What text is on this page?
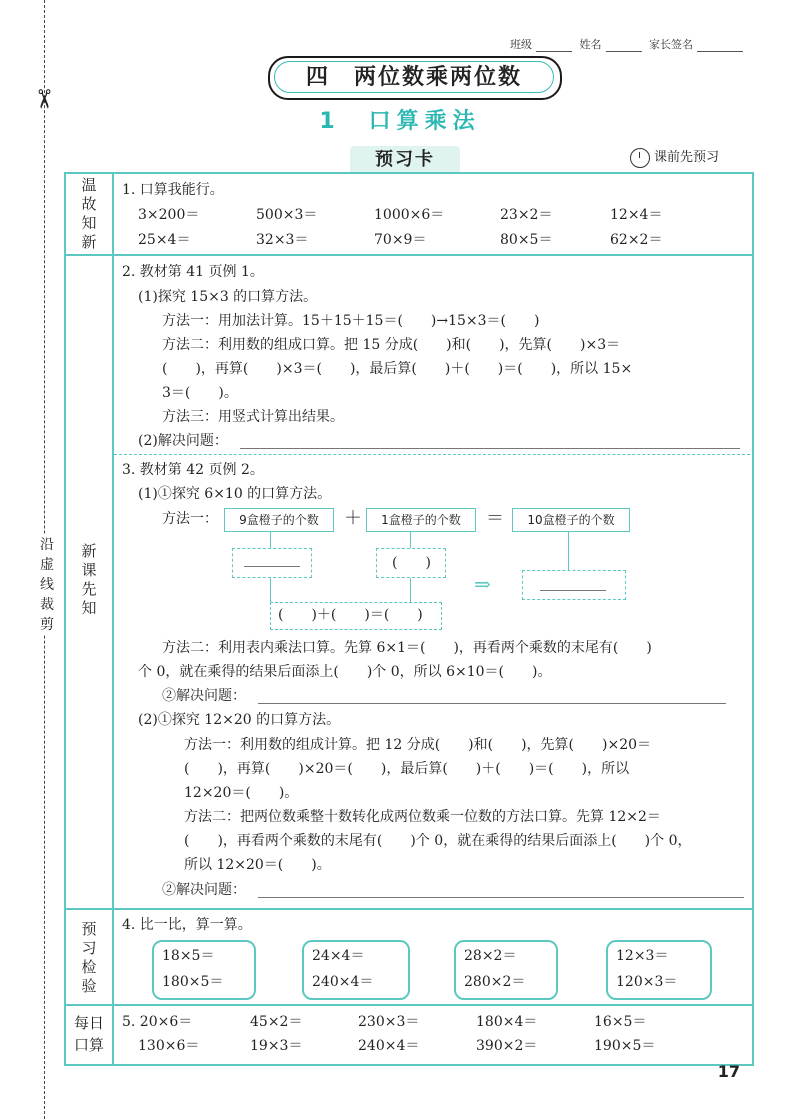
✂
沿
虚
线
裁
剪
班级	姓名	家长签名
四　两位数乘两位数
1　口算乘法
预习卡	课前先预习
温
故
知
新
新
课
先
知
预
习
检
验
每日
口算
1. 口算我能行。
3×200＝	500×3＝	1000×6＝	23×2＝	12×4＝
25×4＝	32×3＝	70×9＝	80×5＝	62×2＝
2. 教材第 41 页例 1。
(1)探究 15×3 的口算方法。
方法一：用加法计算。15＋15＋15＝(　　)→15×3＝(　　)
方法二：利用数的组成口算。把 15 分成(　　)和(　　)，先算(　　)×3＝
(　　)，再算(　　)×3＝(　　)，最后算(　　)＋(　　)＝(　　)，所以 15×
3＝(　　)。
方法三：用竖式计算出结果。
(2)解决问题：
3. 教材第 42 页例 2。
(1)①探究 6×10 的口算方法。
方法一：	9盒橙子的个数	＋	1盒橙子的个数	＝	10盒橙子的个数
(　　)
⇒
(　　)＋(　　)＝(　　)
方法二：利用表内乘法口算。先算 6×1＝(　　)，再看两个乘数的末尾有(　　)
个 0，就在乘得的结果后面添上(　　)个 0，所以 6×10＝(　　)。
②解决问题：
(2)①探究 12×20 的口算方法。
方法一：利用数的组成计算。把 12 分成(　　)和(　　)，先算(　　)×20＝
(　　)，再算(　　)×20＝(　　)，最后算(　　)＋(　　)＝(　　)，所以
12×20＝(　　)。
方法二：把两位数乘整十数转化成两位数乘一位数的方法口算。先算 12×2＝
(　　)，再看两个乘数的末尾有(　　)个 0，就在乘得的结果后面添上(　　)个 0，
所以 12×20＝(　　)。
②解决问题：
4. 比一比，算一算。
18×5＝
180×5＝
24×4＝
240×4＝
28×2＝
280×2＝
12×3＝
120×3＝
5. 20×6＝	45×2＝	230×3＝	180×4＝	16×5＝
130×6＝	19×3＝	240×4＝	390×2＝	190×5＝
17
